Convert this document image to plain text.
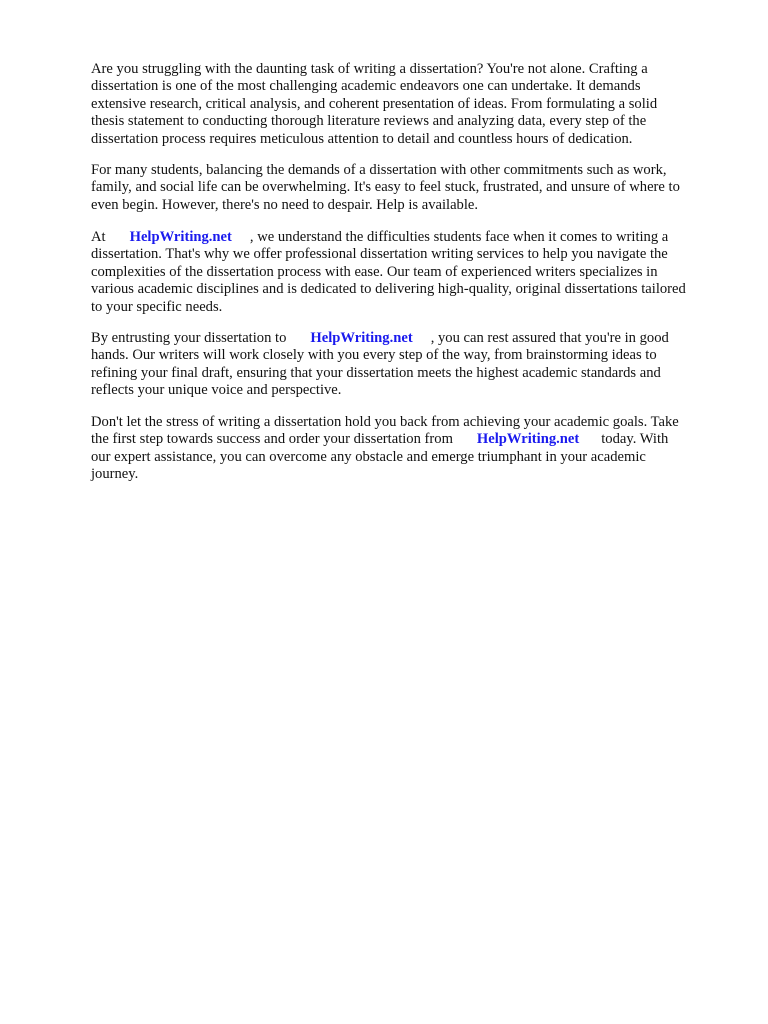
Are you struggling with the daunting task of writing a dissertation? You're not alone. Crafting a
dissertation is one of the most challenging academic endeavors one can undertake. It demands
extensive research, critical analysis, and coherent presentation of ideas. From formulating a solid
thesis statement to conducting thorough literature reviews and analyzing data, every step of the
dissertation process requires meticulous attention to detail and countless hours of dedication.
For many students, balancing the demands of a dissertation with other commitments such as work,
family, and social life can be overwhelming. It's easy to feel stuck, frustrated, and unsure of where to
even begin. However, there's no need to despair. Help is available.
At HelpWriting.net , we understand the difficulties students face when it comes to writing a
dissertation. That's why we offer professional dissertation writing services to help you navigate the
complexities of the dissertation process with ease. Our team of experienced writers specializes in
various academic disciplines and is dedicated to delivering high-quality, original dissertations tailored
to your specific needs.
By entrusting your dissertation to HelpWriting.net , you can rest assured that you're in good
hands. Our writers will work closely with you every step of the way, from brainstorming ideas to
refining your final draft, ensuring that your dissertation meets the highest academic standards and
reflects your unique voice and perspective.
Don't let the stress of writing a dissertation hold you back from achieving your academic goals. Take
the first step towards success and order your dissertation from HelpWriting.net today. With
our expert assistance, you can overcome any obstacle and emerge triumphant in your academic
journey.
